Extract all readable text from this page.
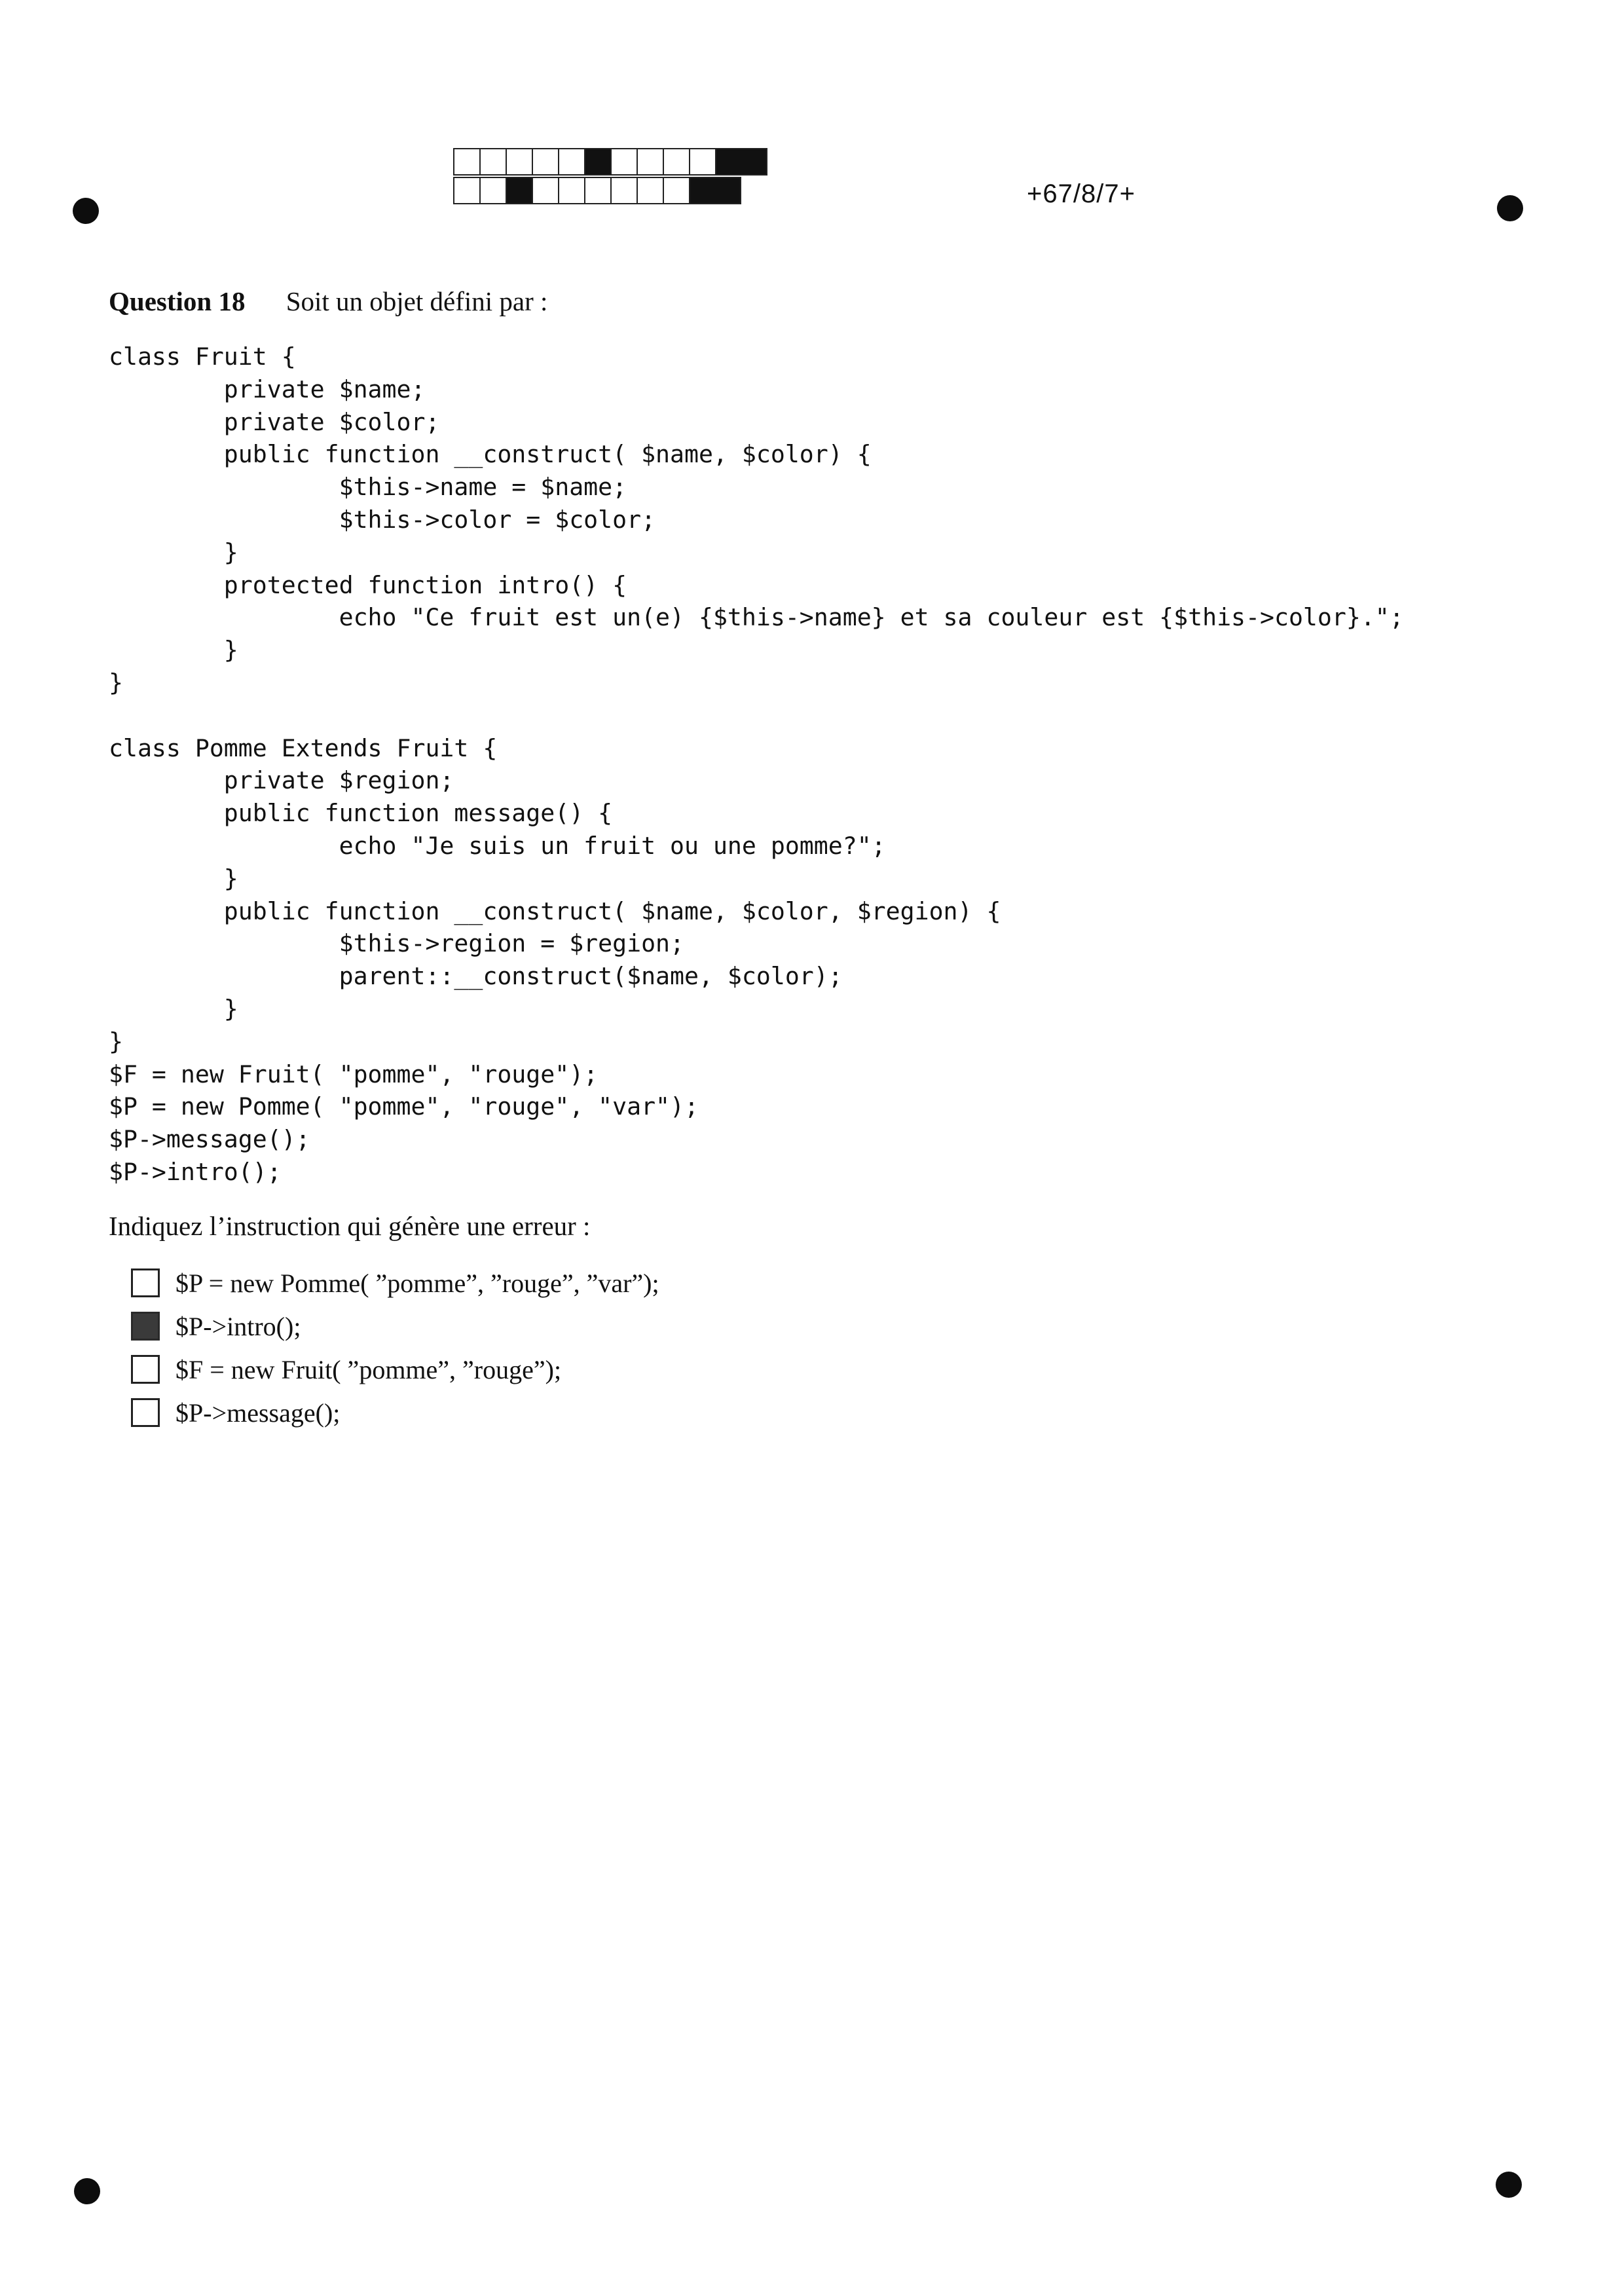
+67/8/7+
Question 18 Soit un objet défini par :
class Fruit {
private $name;
private $color;
public function __construct( $name, $color) {
$this->name = $name;
$this->color = $color;
}
protected function intro() {
echo "Ce fruit est un(e) {$this->name} et sa couleur est {$this->color}.";
}
}

class Pomme Extends Fruit {
private $region;
public function message() {
echo "Je suis un fruit ou une pomme?";
}
public function __construct( $name, $color, $region) {
$this->region = $region;
parent::__construct($name, $color);
}
}
$F = new Fruit( "pomme", "rouge");
$P = new Pomme( "pomme", "rouge", "var");
$P->message();
$P->intro();
Indiquez l’instruction qui génère une erreur :
$P = new Pomme( ”pomme”, ”rouge”, ”var”);
$P->intro();
$F = new Fruit( ”pomme”, ”rouge”);
$P->message();
